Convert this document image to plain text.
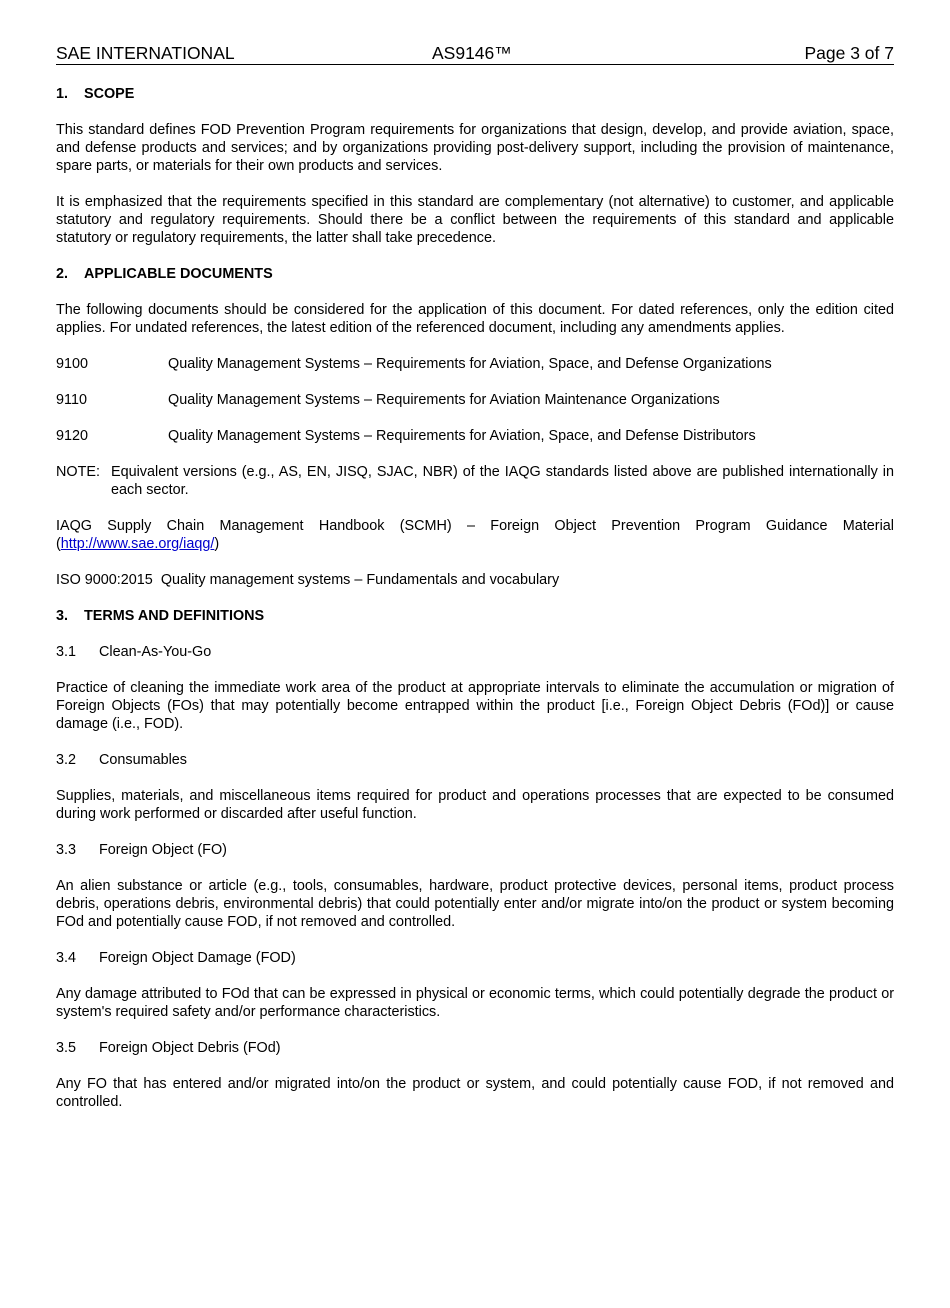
SAE INTERNATIONAL	AS9146™	Page 3 of 7
1. SCOPE

This standard defines FOD Prevention Program requirements for organizations that design, develop, and provide aviation, space, and defense products and services; and by organizations providing post-delivery support, including the provision of maintenance, spare parts, or materials for their own products and services.

It is emphasized that the requirements specified in this standard are complementary (not alternative) to customer, and applicable statutory and regulatory requirements. Should there be a conflict between the requirements of this standard and applicable statutory or regulatory requirements, the latter shall take precedence.

2. APPLICABLE DOCUMENTS

The following documents should be considered for the application of this document. For dated references, only the edition cited applies. For undated references, the latest edition of the referenced document, including any amendments applies.

9100	Quality Management Systems – Requirements for Aviation, Space, and Defense Organizations
9110	Quality Management Systems – Requirements for Aviation Maintenance Organizations
9120	Quality Management Systems – Requirements for Aviation, Space, and Defense Distributors
NOTE: Equivalent versions (e.g., AS, EN, JISQ, SJAC, NBR) of the IAQG standards listed above are published internationally in each sector.

IAQG Supply Chain Management Handbook (SCMH) – Foreign Object Prevention Program Guidance Material (http://www.sae.org/iaqg/)

ISO 9000:2015 Quality management systems – Fundamentals and vocabulary
3. TERMS AND DEFINITIONS
3.1	Clean-As-You-Go

Practice of cleaning the immediate work area of the product at appropriate intervals to eliminate the accumulation or migration of Foreign Objects (FOs) that may potentially become entrapped within the product [i.e., Foreign Object Debris (FOd)] or cause damage (i.e., FOD).

3.2	Consumables

Supplies, materials, and miscellaneous items required for product and operations processes that are expected to be consumed during work performed or discarded after useful function.

3.3	Foreign Object (FO)

An alien substance or article (e.g., tools, consumables, hardware, product protective devices, personal items, product process debris, operations debris, environmental debris) that could potentially enter and/or migrate into/on the product or system becoming FOd and potentially cause FOD, if not removed and controlled.

3.4	Foreign Object Damage (FOD)

Any damage attributed to FOd that can be expressed in physical or economic terms, which could potentially degrade the product or system's required safety and/or performance characteristics.

3.5	Foreign Object Debris (FOd)

Any FO that has entered and/or migrated into/on the product or system, and could potentially cause FOD, if not removed and controlled.
